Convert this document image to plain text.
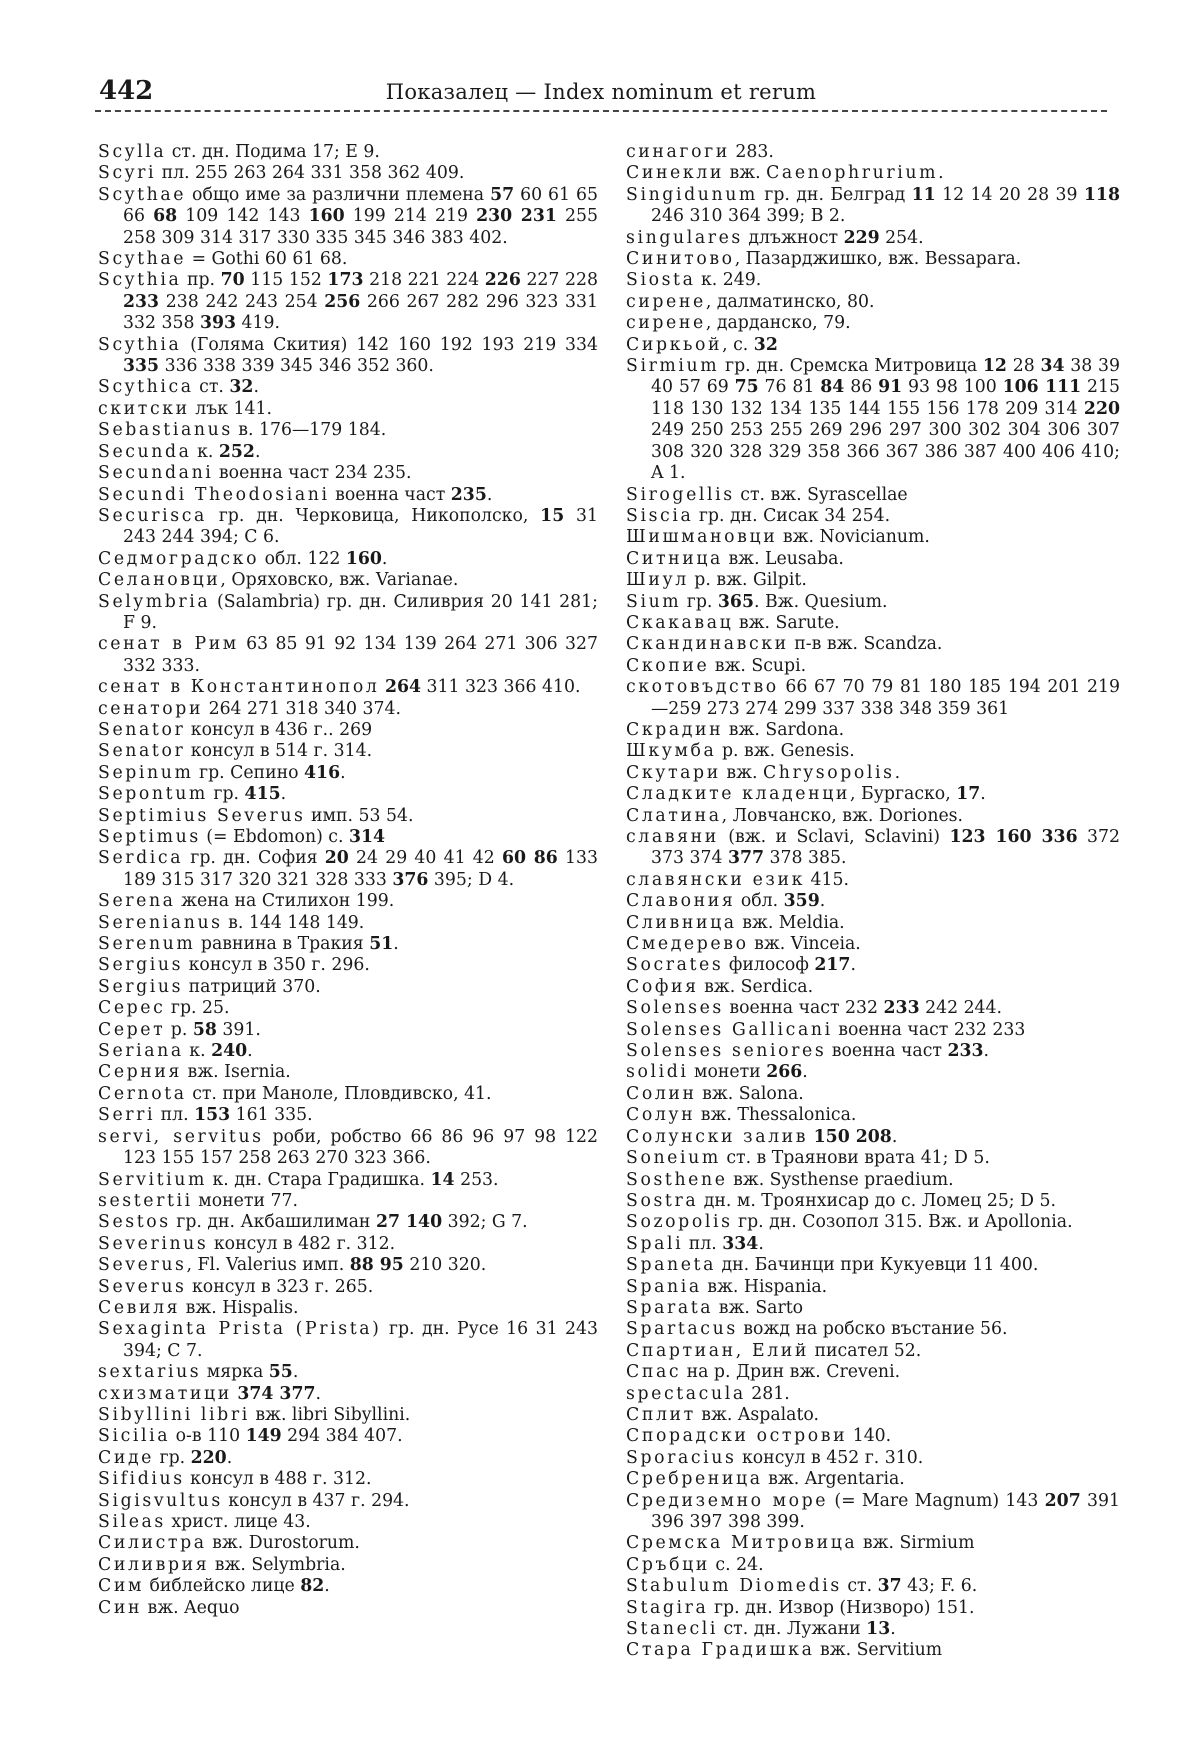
442	Показалец — Index nominum et rerum
Scylla ст. дн. Подима 17; E 9.
Scyri пл. 255 263 264 331 358 362 409.
Scythae общо име за различни племена 57 60 61 65 66 68 109 142 143 160 199 214 219 230 231 255 258 309 314 317 330 335 345 346 383 402.
Scythae = Gothi 60 61 68.
Scythia пр. 70 115 152 173 218 221 224 226 227 228 233 238 242 243 254 256 266 267 282 296 323 331 332 358 393 419.
Scythia (Голяма Скития) 142 160 192 193 219 334 335 336 338 339 345 346 352 360.
Scythica ст. 32.
скитски лък 141.
Sebastianus в. 176—179 184.
Secunda к. 252.
Secundani военна част 234 235.
Secundi Theodosiani военна част 235.
Securisca гр. дн. Черковица, Никополско, 15 31 243 244 394; C 6.
Седмоградско обл. 122 160.
Селановци, Оряховско, вж. Varianae.
Selymbria (Salambria) гр. дн. Силиврия 20 141 281; F 9.
сенат в Рим 63 85 91 92 134 139 264 271 306 327 332 333.
сенат в Константинопол 264 311 323 366 410.
сенатори 264 271 318 340 374.
Senator консул в 436 г.. 269
Senator консул в 514 г. 314.
Sepinum гр. Сепино 416.
Sepontum гр. 415.
Septimius Severus имп. 53 54.
Septimus (= Ebdomon) с. 314
Serdica гр. дн. София 20 24 29 40 41 42 60 86 133 189 315 317 320 321 328 333 376 395; D 4.
Serena жена на Стилихон 199.
Serenianus в. 144 148 149.
Serenum равнина в Тракия 51.
Sergius консул в 350 г. 296.
Sergius патриций 370.
Серес гр. 25.
Серет р. 58 391.
Seriana к. 240.
Серния вж. Isernia.
Cernota ст. при Маноле, Пловдивско, 41.
Serri пл. 153 161 335.
servi, servitus роби, робство 66 86 96 97 98 122 123 155 157 258 263 270 323 366.
Servitium к. дн. Стара Градишка. 14 253.
sestertii монети 77.
Sestos гр. дн. Акбашилиман 27 140 392; G 7.
Severinus консул в 482 г. 312.
Severus, Fl. Valerius имп. 88 95 210 320.
Severus консул в 323 г. 265.
Севиля вж. Hispalis.
Sexaginta Prista (Prista) гр. дн. Русе 16 31 243 394; C 7.
sextarius мярка 55.
схизматици 374 377.
Sibyllini libri вж. libri Sibyllini.
Sicilia о-в 110 149 294 384 407.
Сиде гр. 220.
Sifidius консул в 488 г. 312.
Sigisvultus консул в 437 г. 294.
Sileas христ. лице 43.
Силистра вж. Durostorum.
Силиврия вж. Selymbria.
Сим библейско лице 82.
Син вж. Aequo
синагоги 283.
Синекли вж. Caenophrurium.
Singidunum гр. дн. Белград 11 12 14 20 28 39 118 246 310 364 399; B 2.
singulares длъжност 229 254.
Синитово, Пазарджишко, вж. Bessapara.
Siosta к. 249.
сирене, далматинско, 80.
сирене, дарданско, 79.
Сиркьой, с. 32
Sirmium гр. дн. Сремска Митровица 12 28 34 38 39 40 57 69 75 76 81 84 86 91 93 98 100 106 111 215 118 130 132 134 135 144 155 156 178 209 314 220 249 250 253 255 269 296 297 300 302 304 306 307 308 320 328 329 358 366 367 386 387 400 406 410; A 1.
Sirogellis ст. вж. Syrascellae
Siscia гр. дн. Сисак 34 254.
Шишмановци вж. Novicianum.
Ситница вж. Leusaba.
Шиул р. вж. Gilpit.
Sium гр. 365. Вж. Quesium.
Скакавац вж. Sarute.
Скандинавски п-в вж. Scandza.
Скопие вж. Scupi.
скотовъдство 66 67 70 79 81 180 185 194 201 219—259 273 274 299 337 338 348 359 361
Скрадин вж. Sardona.
Шкумба р. вж. Genesis.
Скутари вж. Chrysopolis.
Сладките кладенци, Бургаско, 17.
Слатина, Ловчанско, вж. Doriones.
славяни (вж. и Sclavi, Sclavini) 123 160 336 372 373 374 377 378 385.
славянски език 415.
Славония обл. 359.
Сливница вж. Meldia.
Смедерево вж. Vinceia.
Socrates философ 217.
София вж. Serdica.
Solenses военна част 232 233 242 244.
Solenses Gallicani военна част 232 233
Solenses seniores военна част 233.
solidi монети 266.
Солин вж. Salona.
Солун вж. Thessalonica.
Солунски залив 150 208.
Soneium ст. в Траянови врата 41; D 5.
Sosthene вж. Systhense praedium.
Sostra дн. м. Троянхисар до с. Ломец 25; D 5.
Sozopolis гр. дн. Созопол 315. Вж. и Apollonia.
Spali пл. 334.
Spaneta дн. Бачинци при Кукуевци 11 400.
Spania вж. Hispania.
Sparata вж. Sarto
Spartacus вожд на робско въстание 56.
Спартиан, Елий писател 52.
Спас на р. Дрин вж. Creveni.
spectacula 281.
Сплит вж. Aspalato.
Спорадски острови 140.
Sporacius консул в 452 г. 310.
Сребреница вж. Argentaria.
Средиземно море (= Mare Magnum) 143 207 391 396 397 398 399.
Сремска Митровица вж. Sirmium
Сръбци с. 24.
Stabulum Diomedis ст. 37 43; F. 6.
Stagira гр. дн. Извор (Низворо) 151.
Stanecli ст. дн. Лужани 13.
Стара Градишка вж. Servitium
